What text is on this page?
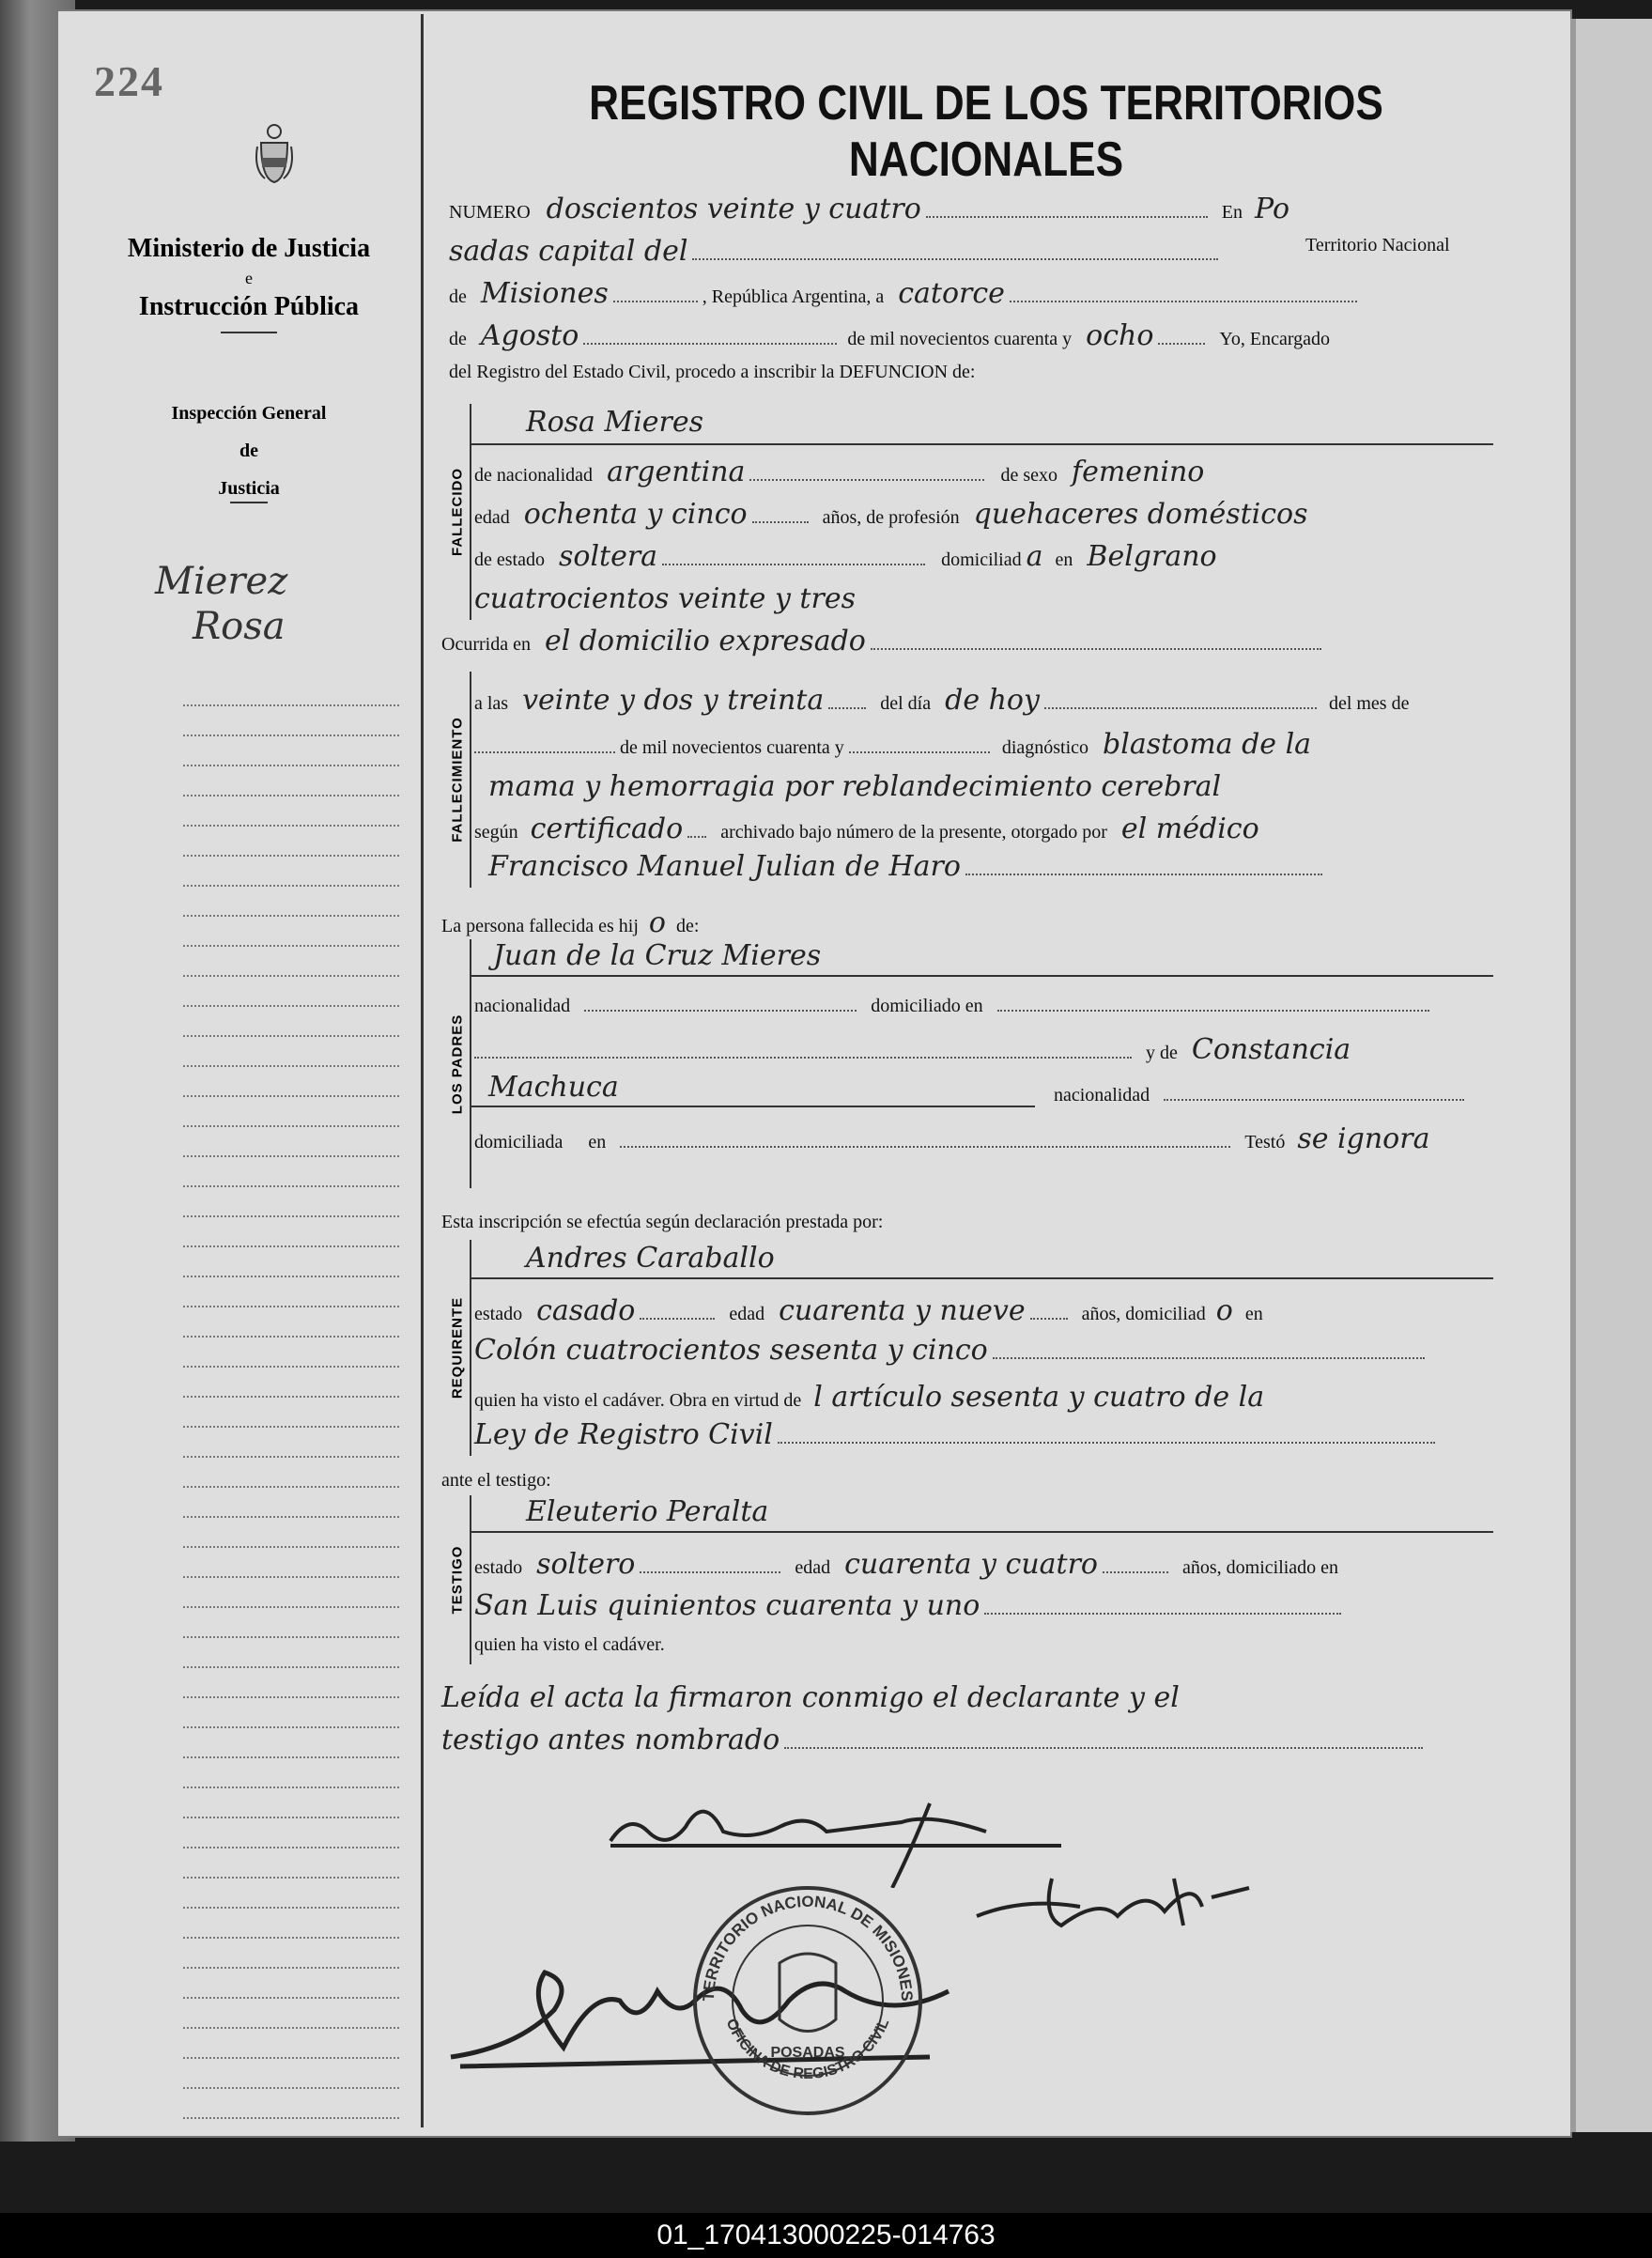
224
Ministerio de Justicia
e
Instrucción Pública
Inspección General
de
Justicia
Mierez
Rosa
REGISTRO CIVIL DE LOS TERRITORIOS NACIONALES
NUMERO doscientos veinte y cuatro	En Po
sadas capital del	Territorio Nacional
de Misiones	, República Argentina, a catorce
de Agosto	de mil novecientos cuarenta y ocho	Yo, Encargado
del Registro del Estado Civil, procedo a inscribir la DEFUNCION de:
FALLECIDO
Rosa Mieres
de nacionalidad argentina	de sexo femenino
edad ochenta y cinco	años, de profesión quehaceres domésticos
de estado soltera	domiciliad a en Belgrano
cuatrocientos veinte y tres
Ocurrida en el domicilio expresado
FALLECIMIENTO
a las veinte y dos y treinta	del día de hoy	del mes de
de mil novecientos cuarenta y	diagnóstico blastoma de la
mama y hemorragia por reblandecimiento cerebral
según certificado archivado bajo número de la presente, otorgado por el médico
Francisco Manuel Julian de Haro
La persona fallecida es hij o de:
LOS PADRES
Juan de la Cruz Mieres
nacionalidad	domiciliado en
y de Constancia
Machuca	nacionalidad
domiciliada en	Testó se ignora
Esta inscripción se efectúa según declaración prestada por:
REQUIRENTE
Andres Caraballo
estado casado	edad cuarenta y nueve	años, domiciliad o en
Colón cuatrocientos sesenta y cinco
quien ha visto el cadáver. Obra en virtud de l artículo sesenta y cuatro de la
Ley de Registro Civil
ante el testigo:
TESTIGO
Eleuterio Peralta
estado soltero	edad cuarenta y cuatro	años, domiciliado en
San Luis quinientos cuarenta y uno
quien ha visto el cadáver.
Leída el acta la firmaron conmigo el declarante y el
testigo antes nombrado
TERRITORIO NACIONAL DE MISIONES
OFICINA DE REGISTRO CIVIL
POSADAS
01_170413000225-014763
